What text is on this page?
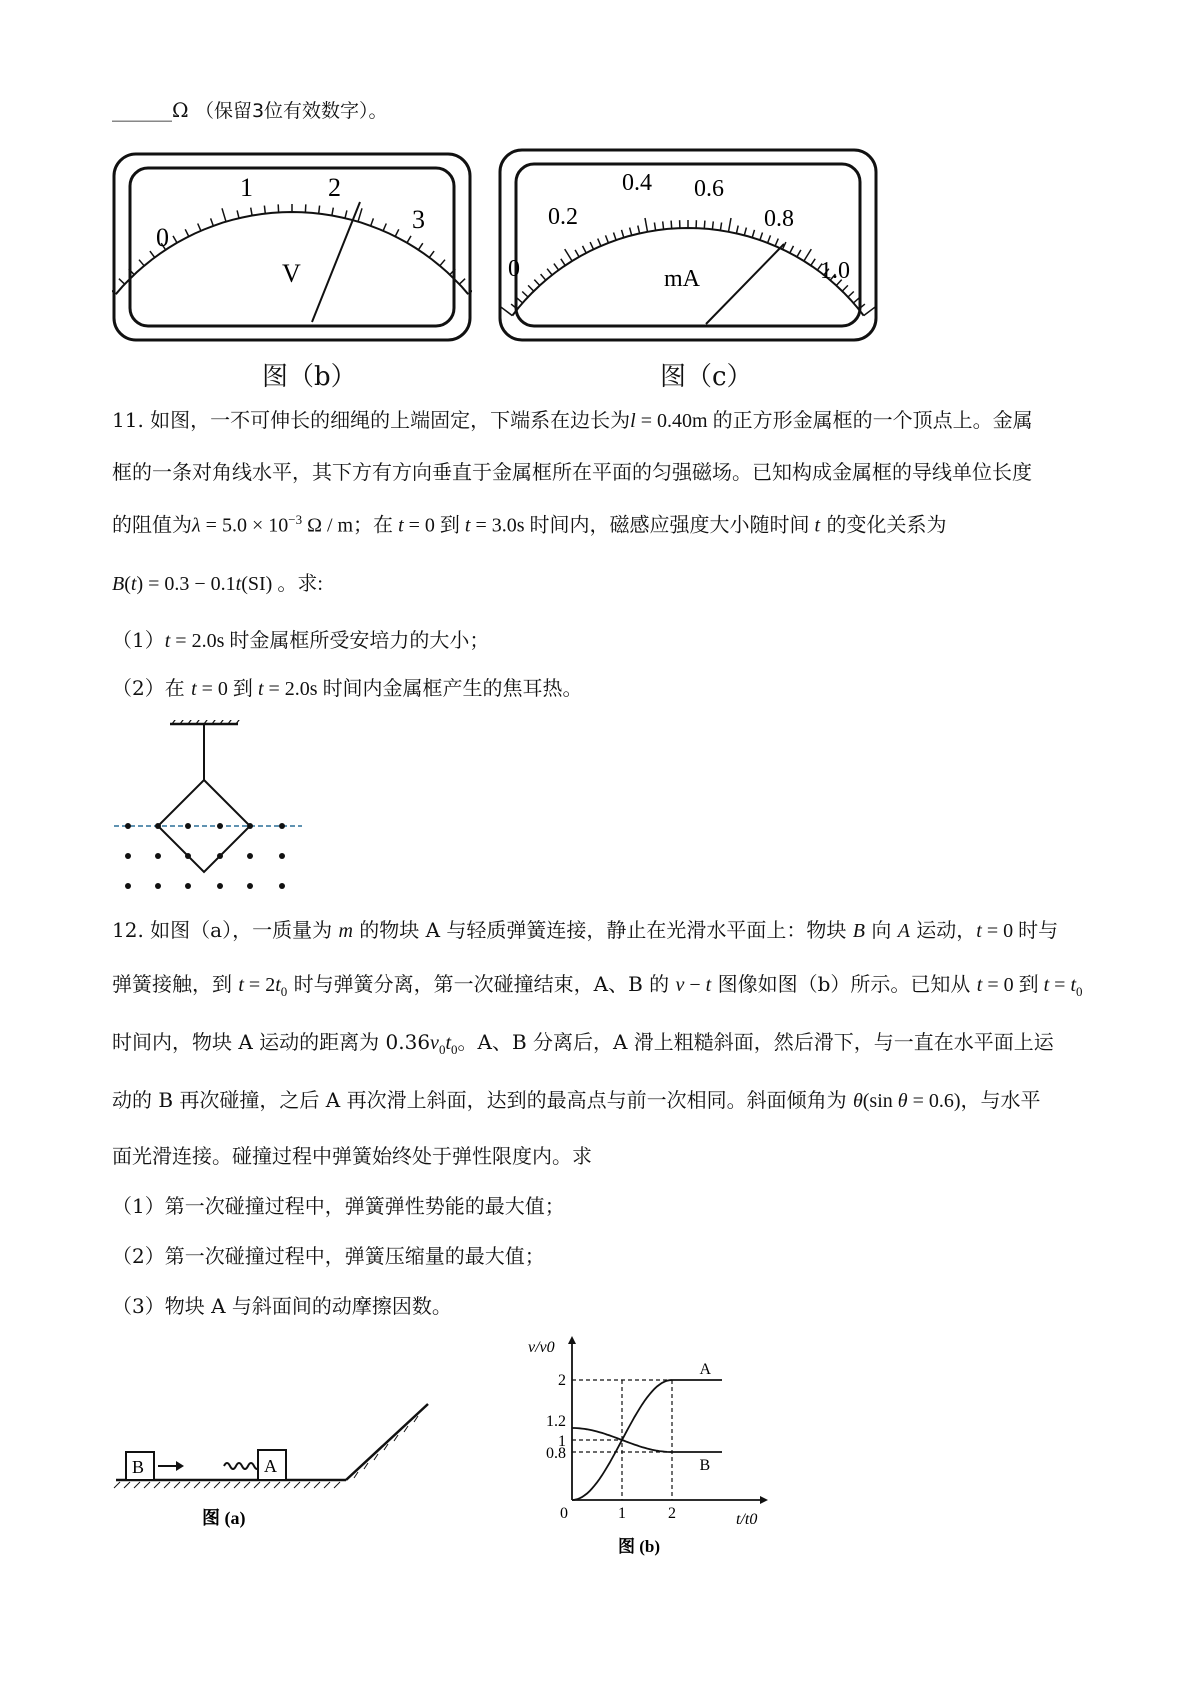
______Ω （保留3位有效数字）。
0
1	2
3
V
图（b）
0
0.2
0.4 0.6
0.8
1.0
mA
图（c）
11. 如图，一不可伸长的细绳的上端固定，下端系在边长为l = 0.40m 的正方形金属框的一个顶点上。金属
框的一条对角线水平，其下方有方向垂直于金属框所在平面的匀强磁场。已知构成金属框的导线单位长度
的阻值为$\lambda = 5.0 \times 10^{-3}$ Ω / m；在 t = 0 到 t = 3.0s 时间内，磁感应强度大小随时间 t 的变化关系为
B(t) = 0.3 − 0.1t(SI) 。求:
（1）t = 2.0s 时金属框所受安培力的大小；
（2）在 t = 0 到 t = 2.0s 时间内金属框产生的焦耳热。
12. 如图（a），一质量为 m 的物块 A 与轻质弹簧连接，静止在光滑水平面上：物块 B 向 A 运动，t = 0 时与
弹簧接触，到 $t = 2t_0$ 时与弹簧分离，第一次碰撞结束，A、B 的 v − t 图像如图（b）所示。已知从 t = 0 到 $t = t_0$
时间内，物块 A 运动的距离为 $0.36v_0t_0$。A、B 分离后，A 滑上粗糙斜面，然后滑下，与一直在水平面上运
动的 B 再次碰撞，之后 A 再次滑上斜面，达到的最高点与前一次相同。斜面倾角为 θ(sin θ = 0.6)，与水平
面光滑连接。碰撞过程中弹簧始终处于弹性限度内。求
（1）第一次碰撞过程中，弹簧弹性势能的最大值；
（2）第一次碰撞过程中，弹簧压缩量的最大值；
（3）物块 A 与斜面间的动摩擦因数。
B	A
图 (a)
v/v0
t/t0
0	1	2
2
1.2
1
0.8
A
B
图 (b)
